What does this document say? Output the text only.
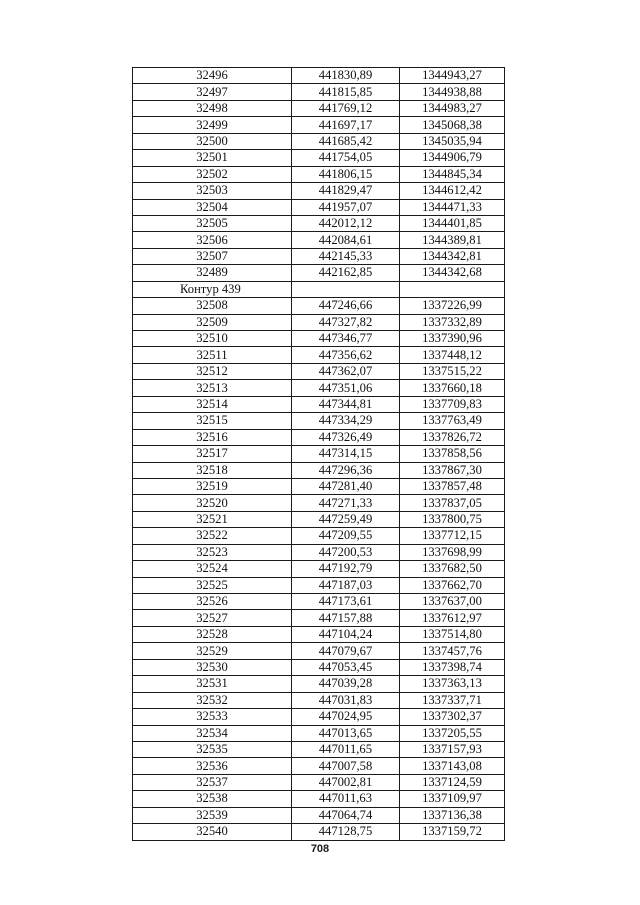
32496	441830,89	1344943,27
32497	441815,85	1344938,88
32498	441769,12	1344983,27
32499	441697,17	1345068,38
32500	441685,42	1345035,94
32501	441754,05	1344906,79
32502	441806,15	1344845,34
32503	441829,47	1344612,42
32504	441957,07	1344471,33
32505	442012,12	1344401,85
32506	442084,61	1344389,81
32507	442145,33	1344342,81
32489	442162,85	1344342,68
Контур 439		
32508	447246,66	1337226,99
32509	447327,82	1337332,89
32510	447346,77	1337390,96
32511	447356,62	1337448,12
32512	447362,07	1337515,22
32513	447351,06	1337660,18
32514	447344,81	1337709,83
32515	447334,29	1337763,49
32516	447326,49	1337826,72
32517	447314,15	1337858,56
32518	447296,36	1337867,30
32519	447281,40	1337857,48
32520	447271,33	1337837,05
32521	447259,49	1337800,75
32522	447209,55	1337712,15
32523	447200,53	1337698,99
32524	447192,79	1337682,50
32525	447187,03	1337662,70
32526	447173,61	1337637,00
32527	447157,88	1337612,97
32528	447104,24	1337514,80
32529	447079,67	1337457,76
32530	447053,45	1337398,74
32531	447039,28	1337363,13
32532	447031,83	1337337,71
32533	447024,95	1337302,37
32534	447013,65	1337205,55
32535	447011,65	1337157,93
32536	447007,58	1337143,08
32537	447002,81	1337124,59
32538	447011,63	1337109,97
32539	447064,74	1337136,38
32540	447128,75	1337159,72
708
